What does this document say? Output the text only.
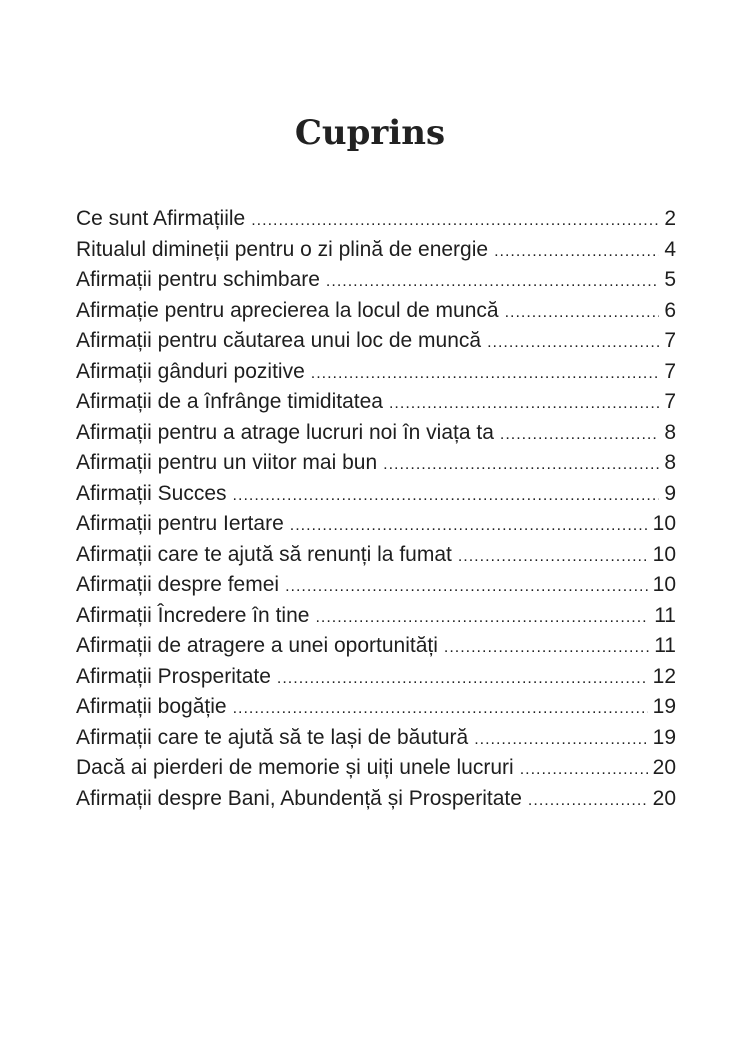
Cuprins
Ce sunt Afirmațiile .....	2
Ritualul dimineții pentru o zi plină de energie .....	4
Afirmații pentru schimbare .....	5
Afirmație pentru aprecierea la locul de muncă .....	6
Afirmații pentru căutarea unui loc de muncă .....	7
Afirmații gânduri pozitive .....	7
Afirmații de a înfrânge timiditatea .....	7
Afirmații pentru a atrage lucruri noi în viața ta .....	8
Afirmații pentru un viitor mai bun .....	8
Afirmații Succes .....	9
Afirmații pentru Iertare .....	10
Afirmații care te ajută să renunți la fumat .....	10
Afirmații despre femei .....	10
Afirmații Încredere în tine .....	11
Afirmații de atragere a unei oportunități .....	11
Afirmații Prosperitate .....	12
Afirmații bogăție .....	19
Afirmații care te ajută să te lași de băutură .....	19
Dacă ai pierderi de memorie și uiți unele lucruri .....	20
Afirmații despre Bani, Abundență și Prosperitate .....	20
